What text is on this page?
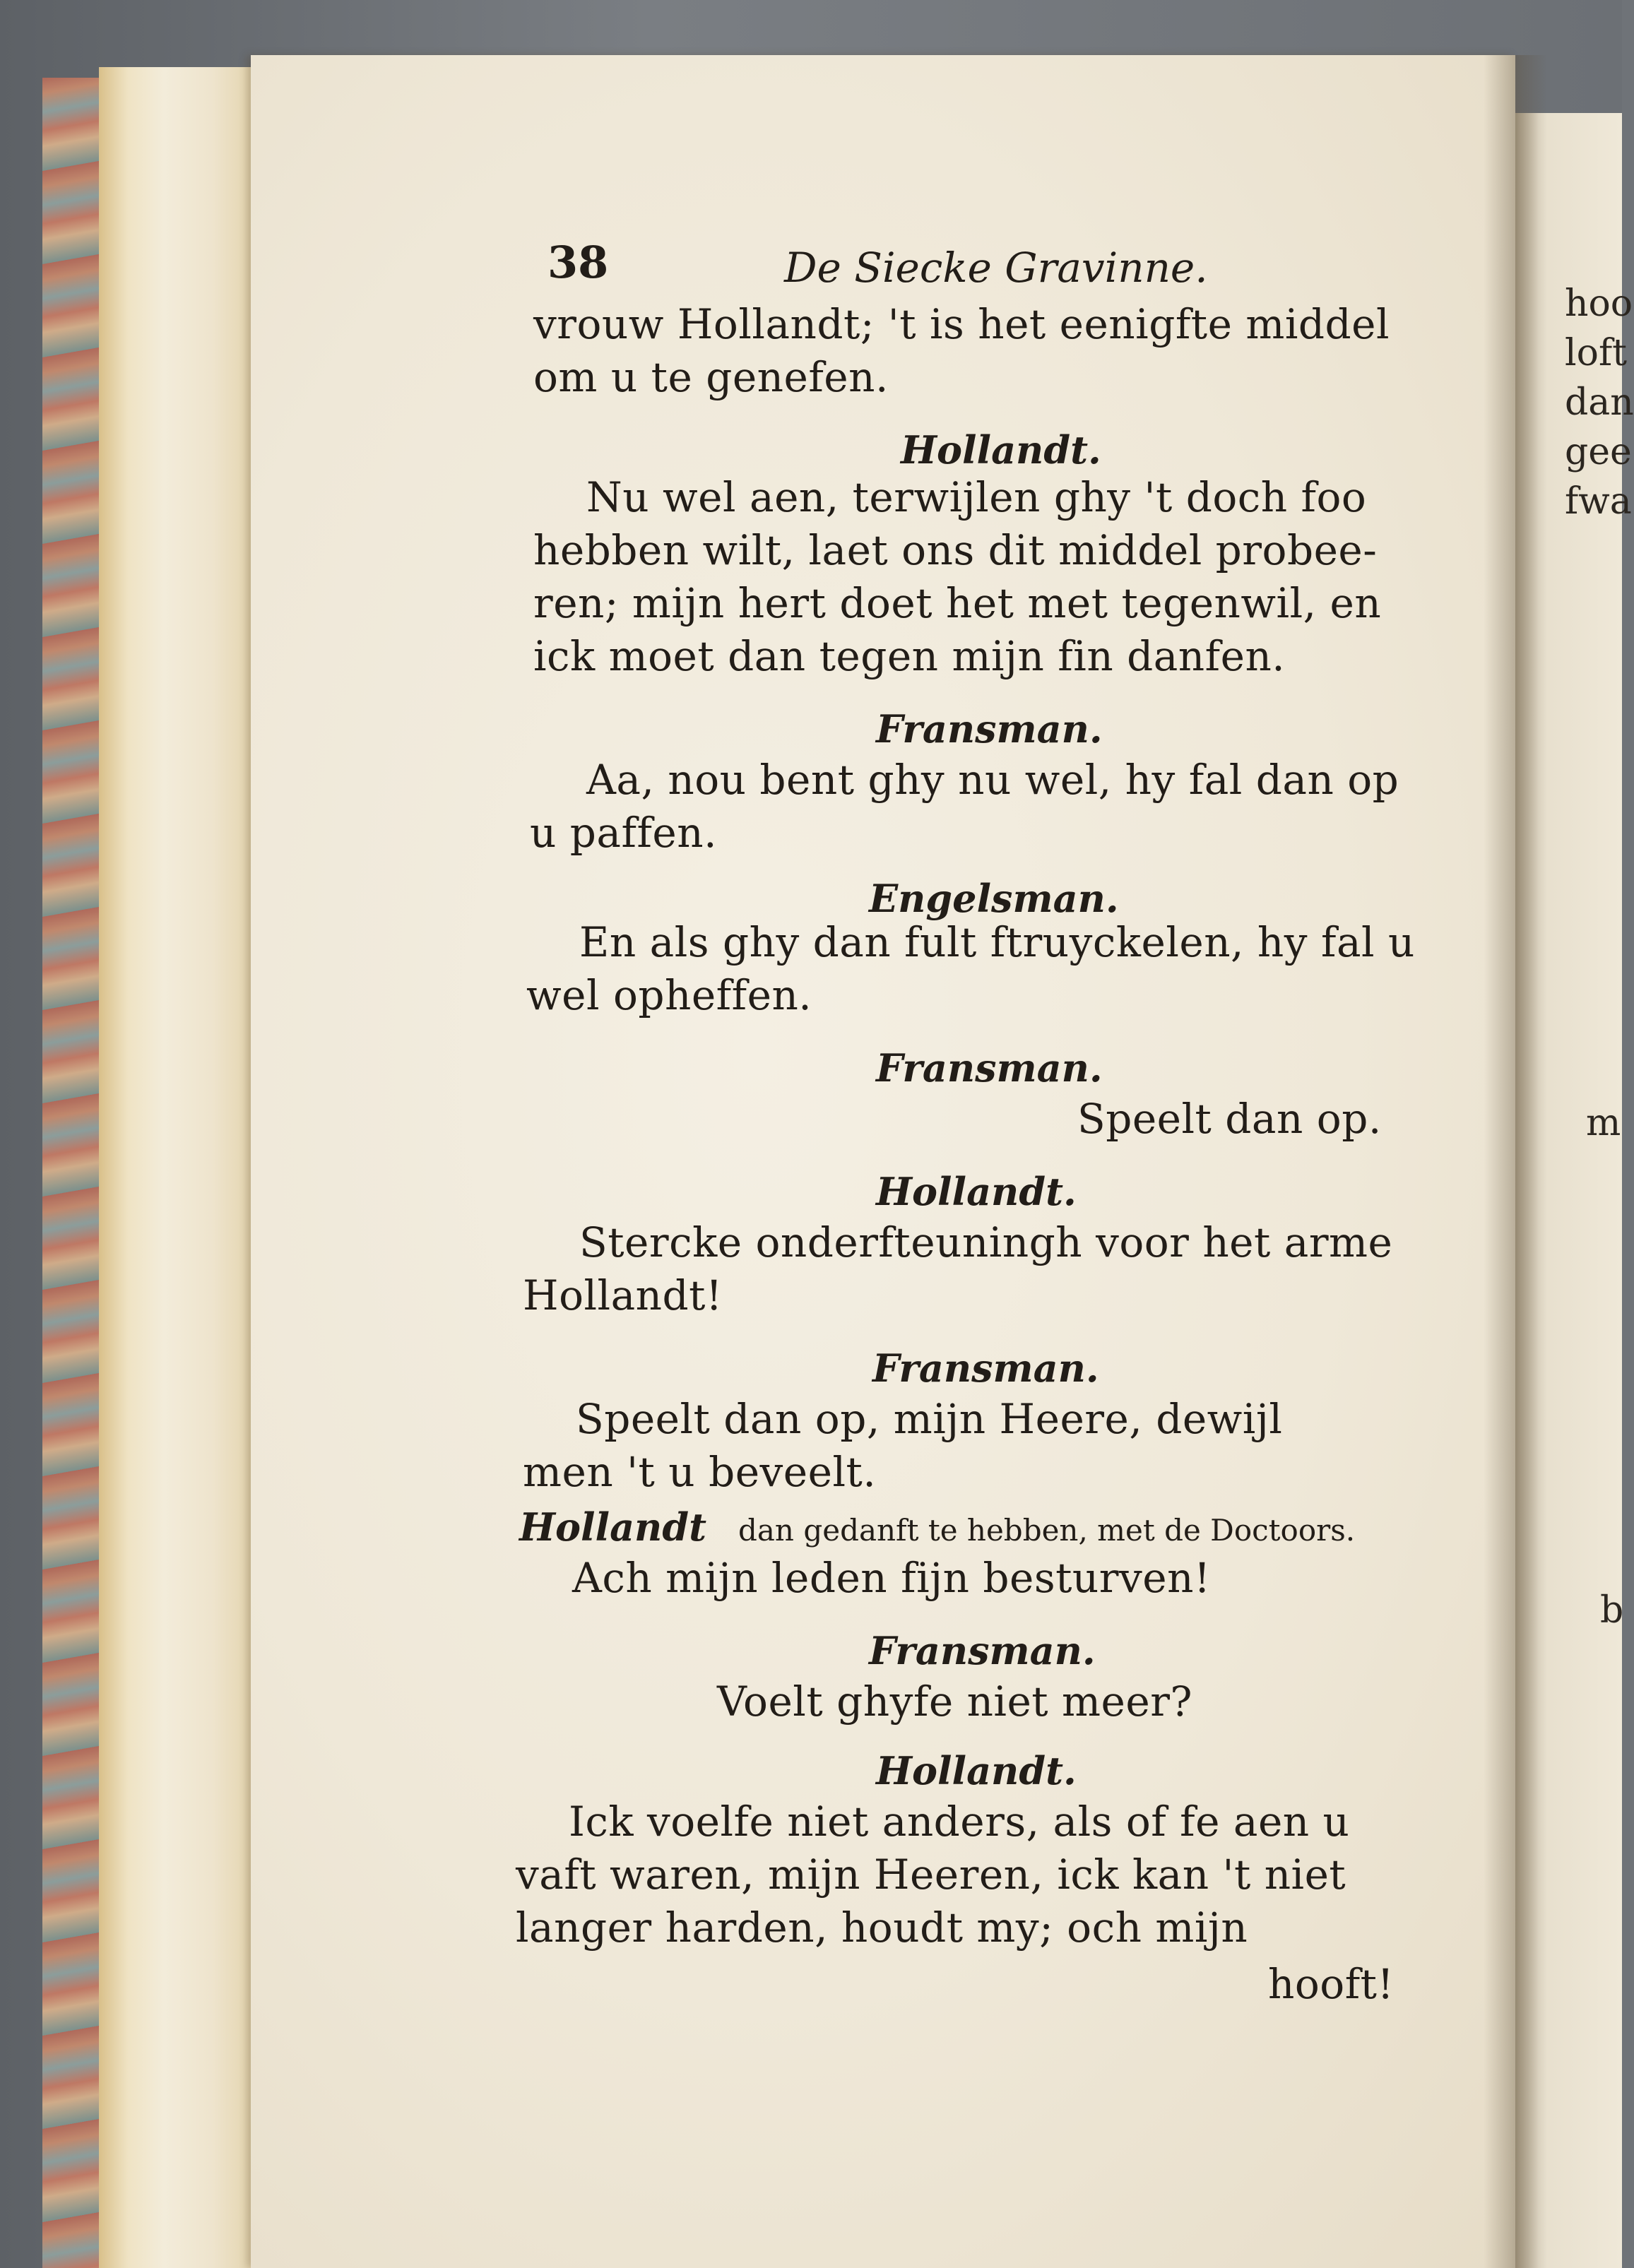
hoo
loft
dan
gee
fwa
m
b
38	De Siecke Gravinne.
vrouw Hollandt; 't is het eenigfte middel
om u te genefen.
Hollandt.
Nu wel aen, terwijlen ghy 't doch foo
hebben wilt, laet ons dit middel probee-
ren; mijn hert doet het met tegenwil, en
ick moet dan tegen mijn fin danfen.
Fransman.
Aa, nou bent ghy nu wel, hy fal dan op
u paffen.
Engelsman.
En als ghy dan fult ftruyckelen, hy fal u
wel opheffen.
Fransman.
Speelt dan op.
Hollandt.
Stercke onderfteuningh voor het arme
Hollandt!
Fransman.
Speelt dan op, mijn Heere, dewijl
men 't u beveelt.
Hollandt dan gedanft te hebben, met de Doctoors.
Ach mijn leden fijn besturven!
Fransman.
Voelt ghyfe niet meer?
Hollandt.
Ick voelfe niet anders, als of fe aen u
vaft waren, mijn Heeren, ick kan 't niet
langer harden, houdt my; och mijn
hooft!
